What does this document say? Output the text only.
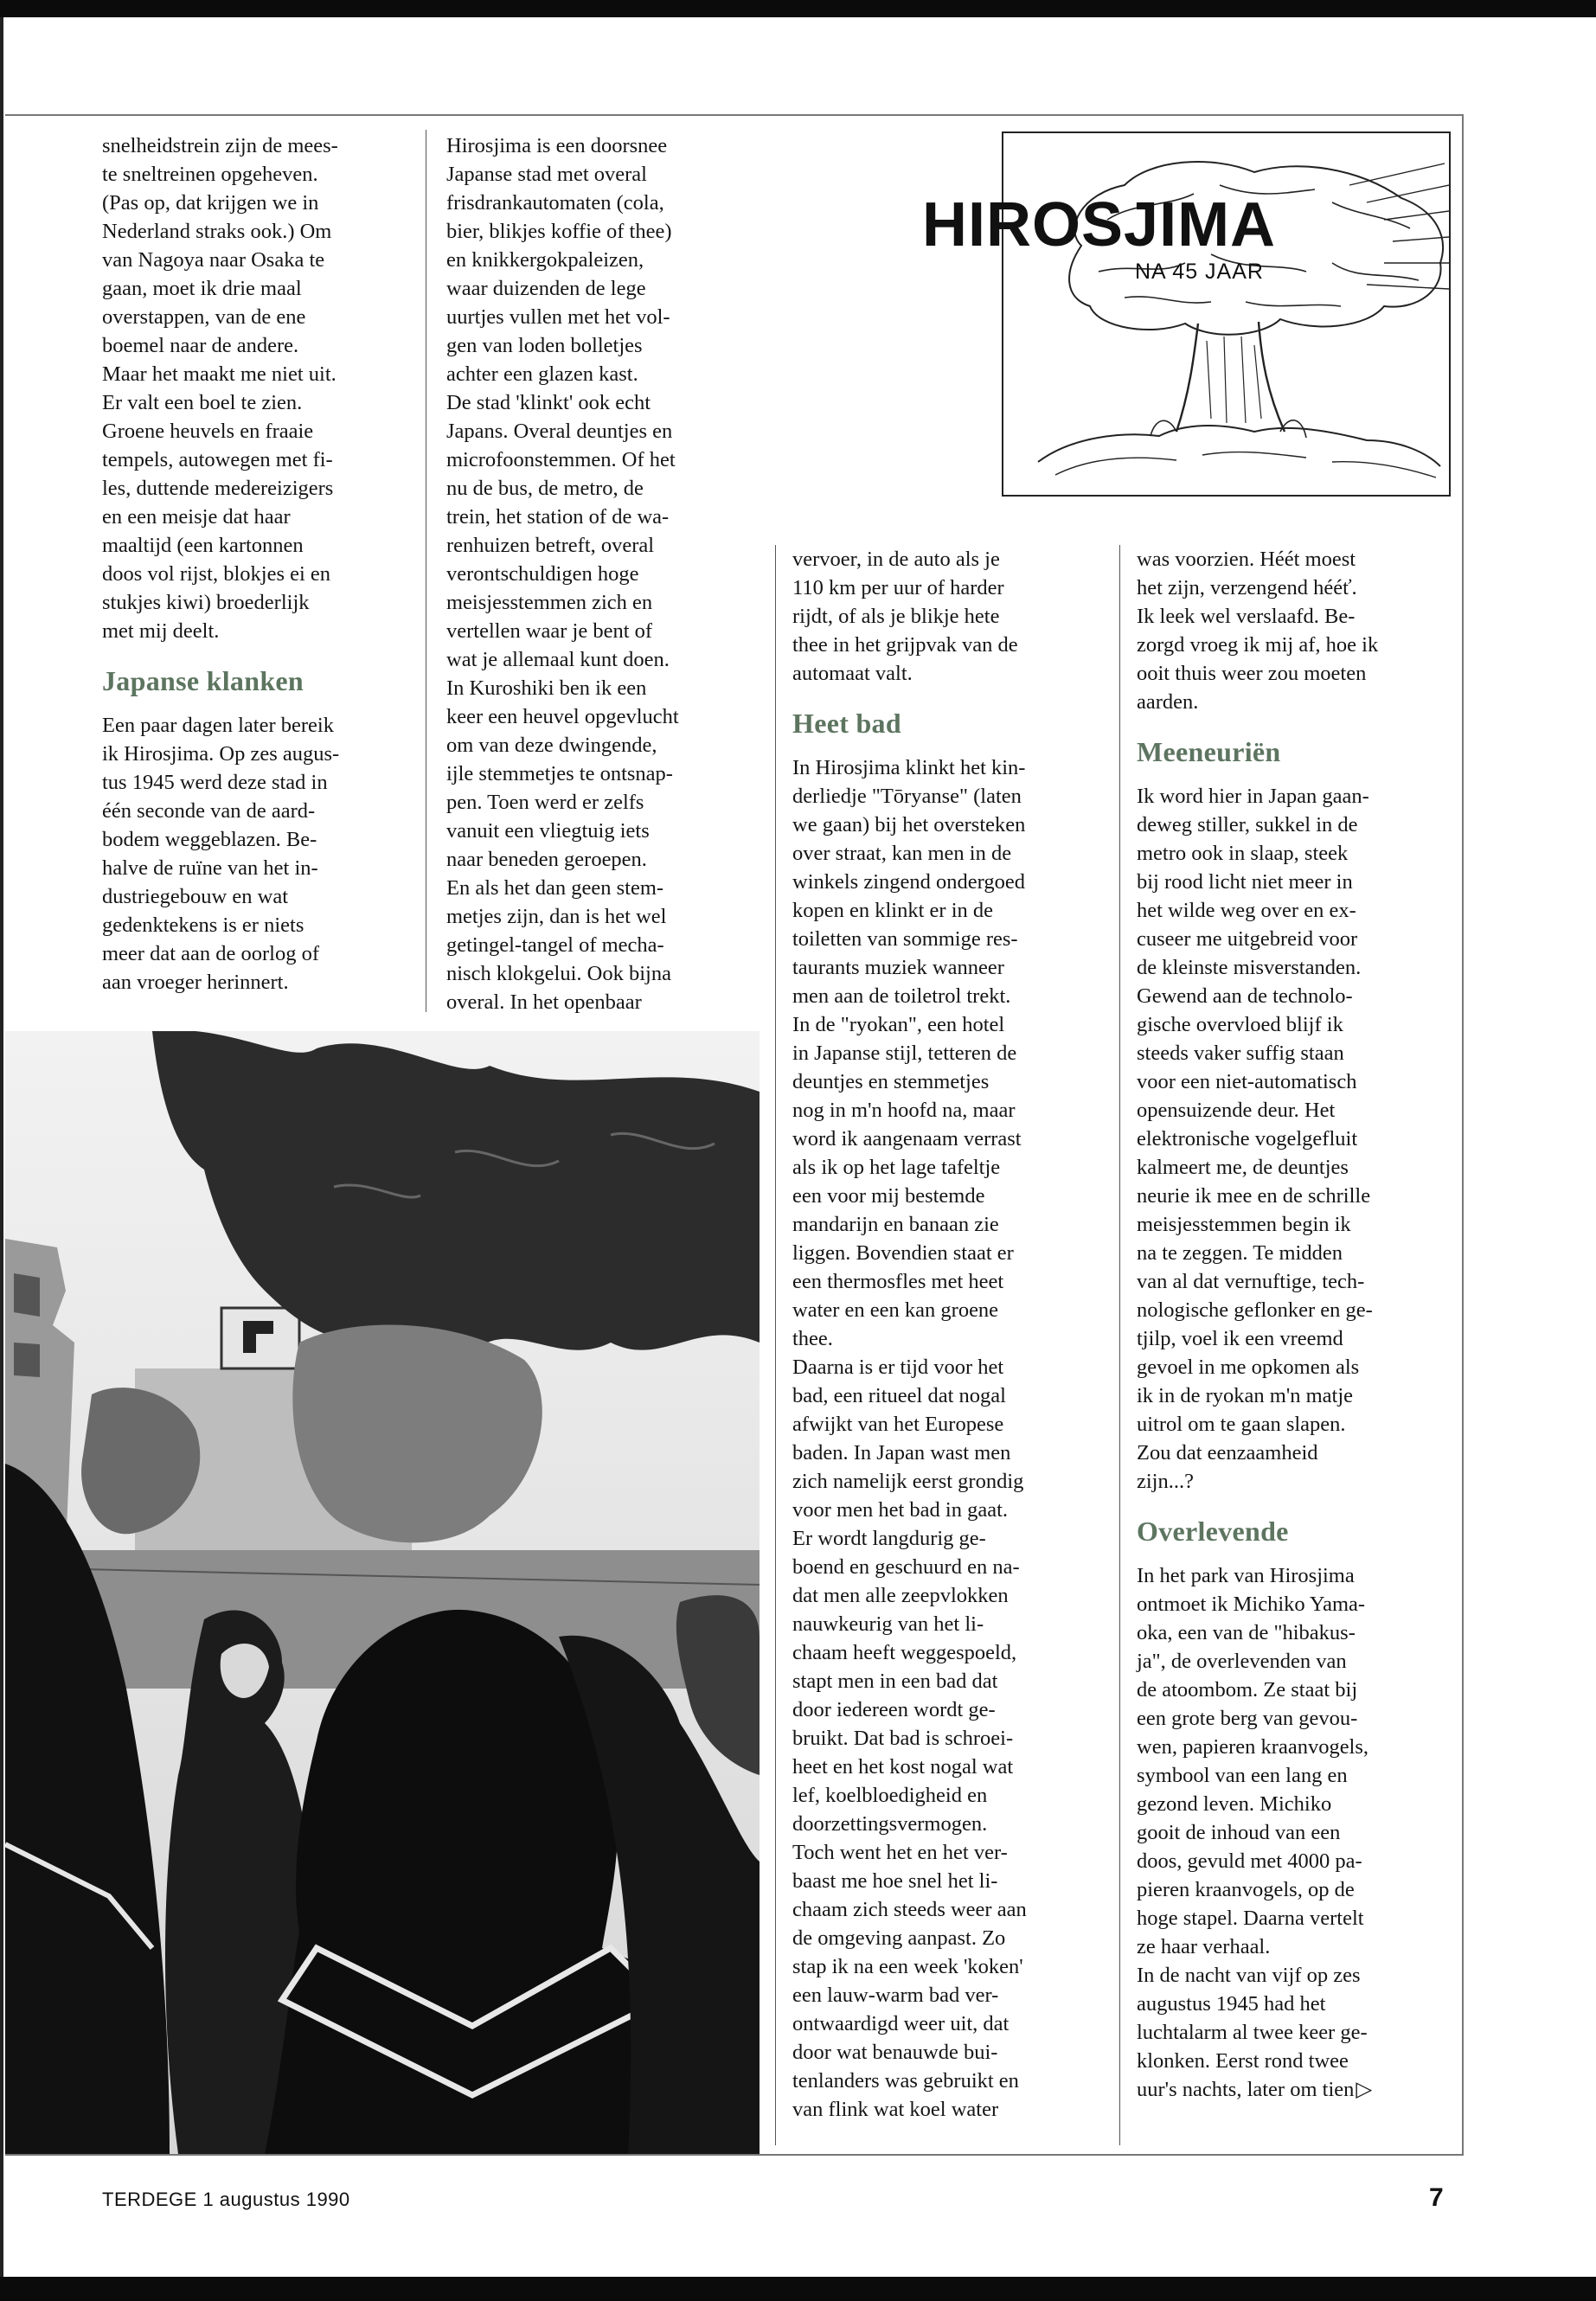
HIROSJIMA
NA 45 JAAR

snelheidstrein zijn de mees-

te sneltreinen opgeheven.

(Pas op, dat krijgen we in

Nederland straks ook.) Om

van Nagoya naar Osaka te

gaan, moet ik drie maal

overstappen, van de ene

boemel naar de andere.

Maar het maakt me niet uit.

Er valt een boel te zien.

Groene heuvels en fraaie

tempels, autowegen met fi-

les, duttende medereizigers

en een meisje dat haar

maaltijd (een kartonnen

doos vol rijst, blokjes ei en

stukjes kiwi) broederlijk

met mij deelt.

Japanse klanken

Een paar dagen later bereik

ik Hirosjima. Op zes augus-

tus 1945 werd deze stad in

één seconde van de aard-

bodem weggeblazen. Be-

halve de ruïne van het in-

dustriegebouw en wat

gedenktekens is er niets

meer dat aan de oorlog of

aan vroeger herinnert.

Hirosjima is een doorsnee

Japanse stad met overal

frisdrankautomaten (cola,

bier, blikjes koffie of thee)

en knikkergokpaleizen,

waar duizenden de lege

uurtjes vullen met het vol-

gen van loden bolletjes

achter een glazen kast.

De stad 'klinkt' ook echt

Japans. Overal deuntjes en

microfoonstemmen. Of het

nu de bus, de metro, de

trein, het station of de wa-

renhuizen betreft, overal

verontschuldigen hoge

meisjesstemmen zich en

vertellen waar je bent of

wat je allemaal kunt doen.

In Kuroshiki ben ik een

keer een heuvel opgevlucht

om van deze dwingende,

ijle stemmetjes te ontsnap-

pen. Toen werd er zelfs

vanuit een vliegtuig iets

naar beneden geroepen.

En als het dan geen stem-

metjes zijn, dan is het wel

getingel-tangel of mecha-

nisch klokgelui. Ook bijna

overal. In het openbaar

vervoer, in de auto als je

110 km per uur of harder

rijdt, of als je blikje hete

thee in het grijpvak van de

automaat valt.

Heet bad

In Hirosjima klinkt het kin-

derliedje "Tōryanse" (laten

we gaan) bij het oversteken

over straat, kan men in de

winkels zingend ondergoed

kopen en klinkt er in de

toiletten van sommige res-

taurants muziek wanneer

men aan de toiletrol trekt.

In de "ryokan", een hotel

in Japanse stijl, tetteren de

deuntjes en stemmetjes

nog in m'n hoofd na, maar

word ik aangenaam verrast

als ik op het lage tafeltje

een voor mij bestemde

mandarijn en banaan zie

liggen. Bovendien staat er

een thermosfles met heet

water en een kan groene

thee.

Daarna is er tijd voor het

bad, een ritueel dat nogal

afwijkt van het Europese

baden. In Japan wast men

zich namelijk eerst grondig

voor men het bad in gaat.

Er wordt langdurig ge-

boend en geschuurd en na-

dat men alle zeepvlokken

nauwkeurig van het li-

chaam heeft weggespoeld,

stapt men in een bad dat

door iedereen wordt ge-

bruikt. Dat bad is schroei-

heet en het kost nogal wat

lef, koelbloedigheid en

doorzettingsvermogen.

Toch went het en het ver-

baast me hoe snel het li-

chaam zich steeds weer aan

de omgeving aanpast. Zo

stap ik na een week 'koken'

een lauw-warm bad ver-

ontwaardigd weer uit, dat

door wat benauwde bui-

tenlanders was gebruikt en

van flink wat koel water

was voorzien. Héét moest

het zijn, verzengend hééť.

Ik leek wel verslaafd. Be-

zorgd vroeg ik mij af, hoe ik

ooit thuis weer zou moeten

aarden.

Meeneuriën

Ik word hier in Japan gaan-

deweg stiller, sukkel in de

metro ook in slaap, steek

bij rood licht niet meer in

het wilde weg over en ex-

cuseer me uitgebreid voor

de kleinste misverstanden.

Gewend aan de technolo-

gische overvloed blijf ik

steeds vaker suffig staan

voor een niet-automatisch

opensuizende deur. Het

elektronische vogelgefluit

kalmeert me, de deuntjes

neurie ik mee en de schrille

meisjesstemmen begin ik

na te zeggen. Te midden

van al dat vernuftige, tech-

nologische geflonker en ge-

tjilp, voel ik een vreemd

gevoel in me opkomen als

ik in de ryokan m'n matje

uitrol om te gaan slapen.

Zou dat eenzaamheid

zijn...?

Overlevende

In het park van Hirosjima

ontmoet ik Michiko Yama-

oka, een van de "hibakus-

ja", de overlevenden van

de atoombom. Ze staat bij

een grote berg van gevou-

wen, papieren kraanvogels,

symbool van een lang en

gezond leven. Michiko

gooit de inhoud van een

doos, gevuld met 4000 pa-

pieren kraanvogels, op de

hoge stapel. Daarna vertelt

ze haar verhaal.

In de nacht van vijf op zes

augustus 1945 had het

luchtalarm al twee keer ge-

klonken. Eerst rond twee

uur's nachts, later om tien▷

TERDEGE 1 augustus 1990	7
